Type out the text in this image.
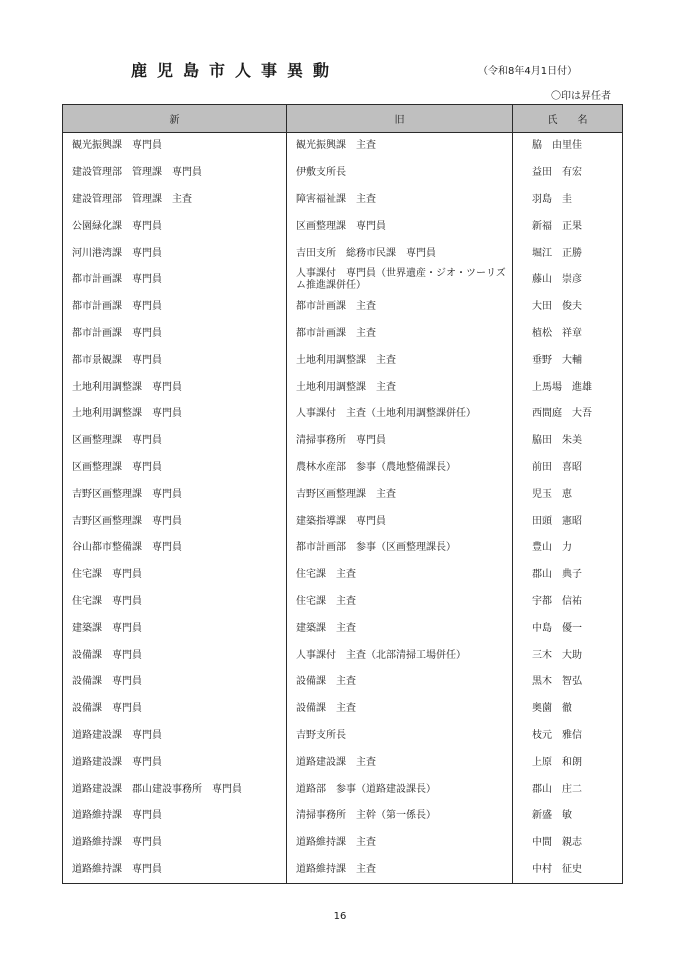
鹿児島市人事異動	（令和8年4月1日付）
〇印は昇任者
新	旧	氏　　名
観光振興課　専門員	観光振興課　主査	脇　由里佳
建設管理部　管理課　専門員	伊敷支所長	益田　有宏
建設管理部　管理課　主査	障害福祉課　主査	羽島　圭
公園緑化課　専門員	区画整理課　専門員	新福　正果
河川港湾課　専門員	吉田支所　総務市民課　専門員	堀江　正勝
都市計画課　専門員	人事課付　専門員（世界遺産・ジオ・ツーリズム推進課併任）	藤山　崇彦
都市計画課　専門員	都市計画課　主査	大田　俊夫
都市計画課　専門員	都市計画課　主査	植松　祥章
都市景観課　専門員	土地利用調整課　主査	垂野　大輔
土地利用調整課　専門員	土地利用調整課　主査	上馬場　進雄
土地利用調整課　専門員	人事課付　主査（土地利用調整課併任）	西間庭　大吾
区画整理課　専門員	清掃事務所　専門員	脇田　朱美
区画整理課　専門員	農林水産部　参事（農地整備課長）	前田　喜昭
吉野区画整理課　専門員	吉野区画整理課　主査	児玉　恵
吉野区画整理課　専門員	建築指導課　専門員	田頭　憲昭
谷山都市整備課　専門員	都市計画部　参事（区画整理課長）	豊山　力
住宅課　専門員	住宅課　主査	郡山　典子
住宅課　専門員	住宅課　主査	宇都　信祐
建築課　専門員	建築課　主査	中島　優一
設備課　専門員	人事課付　主査（北部清掃工場併任）	三木　大助
設備課　専門員	設備課　主査	黒木　智弘
設備課　専門員	設備課　主査	奥薗　徹
道路建設課　専門員	吉野支所長	枝元　雅信
道路建設課　専門員	道路建設課　主査	上原　和朗
道路建設課　郡山建設事務所　専門員	道路部　参事（道路建設課長）	郡山　庄二
道路維持課　専門員	清掃事務所　主幹（第一係長）	新盛　敏
道路維持課　専門員	道路維持課　主査	中間　親志
道路維持課　専門員	道路維持課　主査	中村　征史
16
